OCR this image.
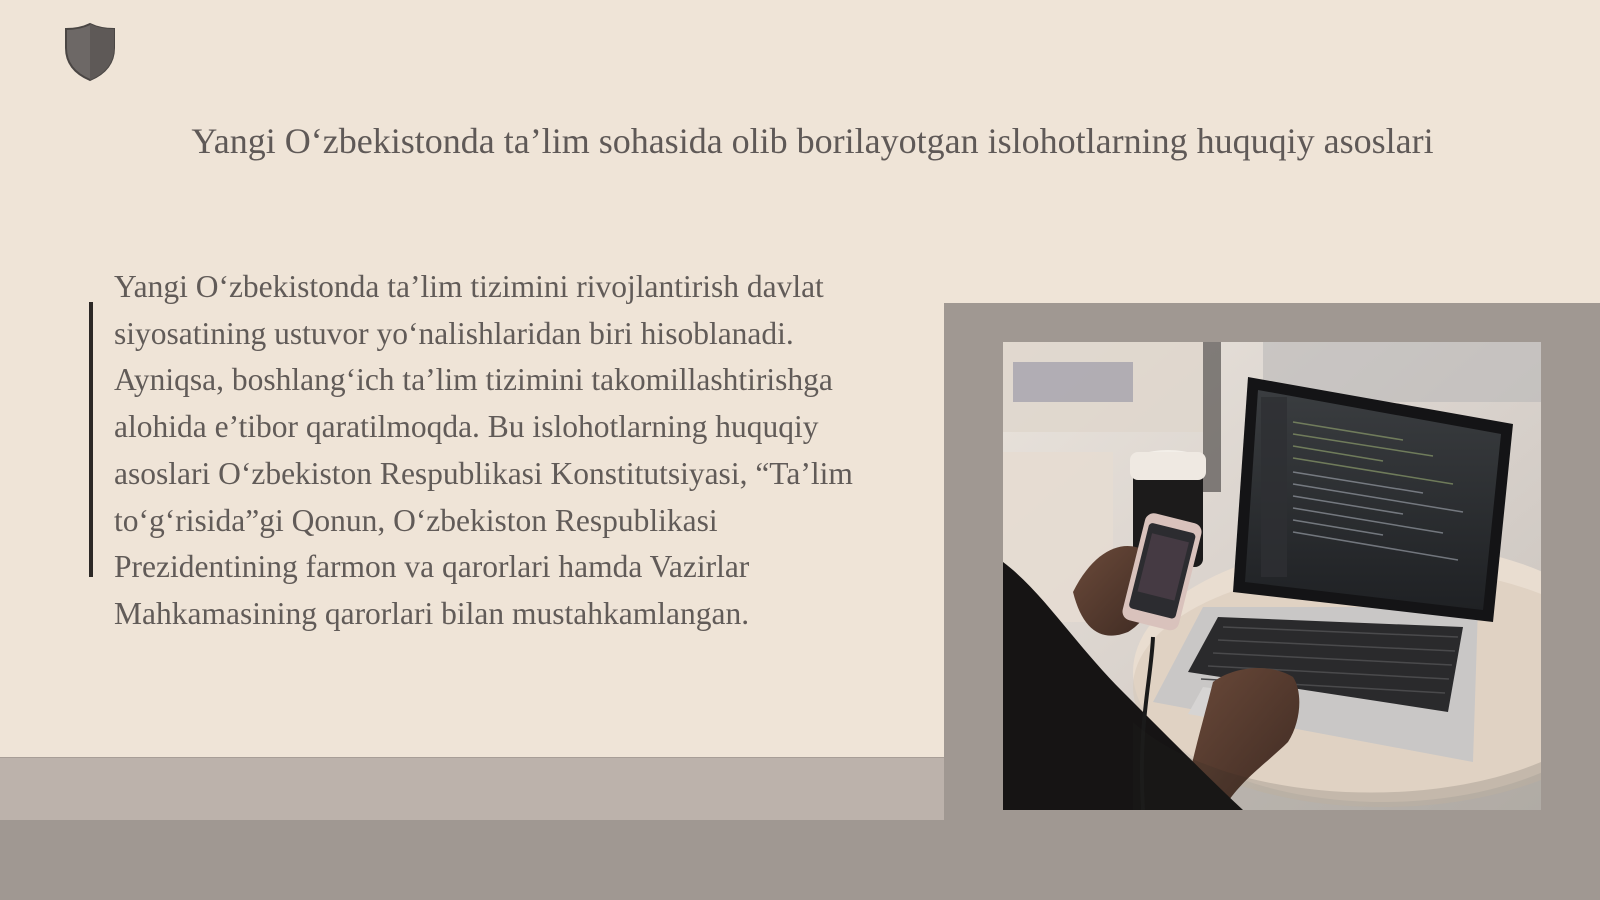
Yangi O‘zbekistonda ta’lim sohasida olib borilayotgan islohotlarning huquqiy asoslari

Yangi O‘zbekistonda ta’lim tizimini rivojlantirish davlat
siyosatining ustuvor yo‘nalishlaridan biri hisoblanadi.
Ayniqsa, boshlang‘ich ta’lim tizimini takomillashtirishga
alohida e’tibor qaratilmoqda. Bu islohotlarning huquqiy
asoslari O‘zbekiston Respublikasi Konstitutsiyasi, “Ta’lim
to‘g‘risida”gi Qonun, O‘zbekiston Respublikasi
Prezidentining farmon va qarorlari hamda Vazirlar
Mahkamasining qarorlari bilan mustahkamlangan.
